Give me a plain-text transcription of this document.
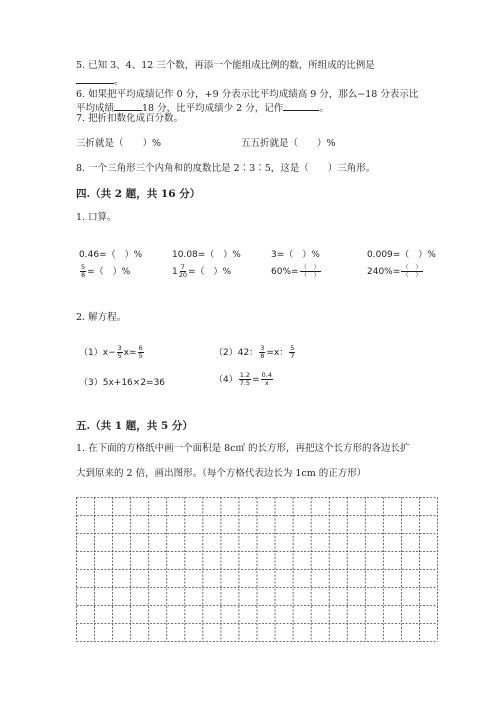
5. 已知 3、4、12 三个数，再添一个能组成比例的数，所组成的比例是
。
6. 如果把平均成绩记作 0 分，+9 分表示比平均成绩高 9 分，那么−18 分表示比
平均成绩	18 分，比平均成绩少 2 分，记作	。
7. 把折扣数化成百分数。
三折就是（　　）%	五五折就是（　　）%
8. 一个三角形三个内角和的度数比是 2∶3∶5，这是（　　）三角形。
四.（共 2 题，共 16 分）
1. 口算。
0.46=（　）%	10.08=（　）%	3=（　）%	0.009=（　）%
$\frac{5}{8}$ =（　）%	$1 \frac{7}{20}$ =（　）%	$60\%= \frac{( )}{( )}$	$240\%= \frac{( )}{( )}$
2. 解方程。
$(1)x- \frac{3}{5} x= \frac{6}{5}$	（2）42： $\frac{3}{8} =x$： $\frac{5}{7}$
（3）5x+16×2=36	$(4) \frac{1.2}{7.5} = \frac{0.4}{x}$
五.（共 1 题，共 5 分）
1. 在下面的方格纸中画一个面积是 8c㎡ 的长方形，再把这个长方形的各边长扩
大到原来的 2 倍，画出图形。（每个方格代表边长为 1cm 的正方形）
